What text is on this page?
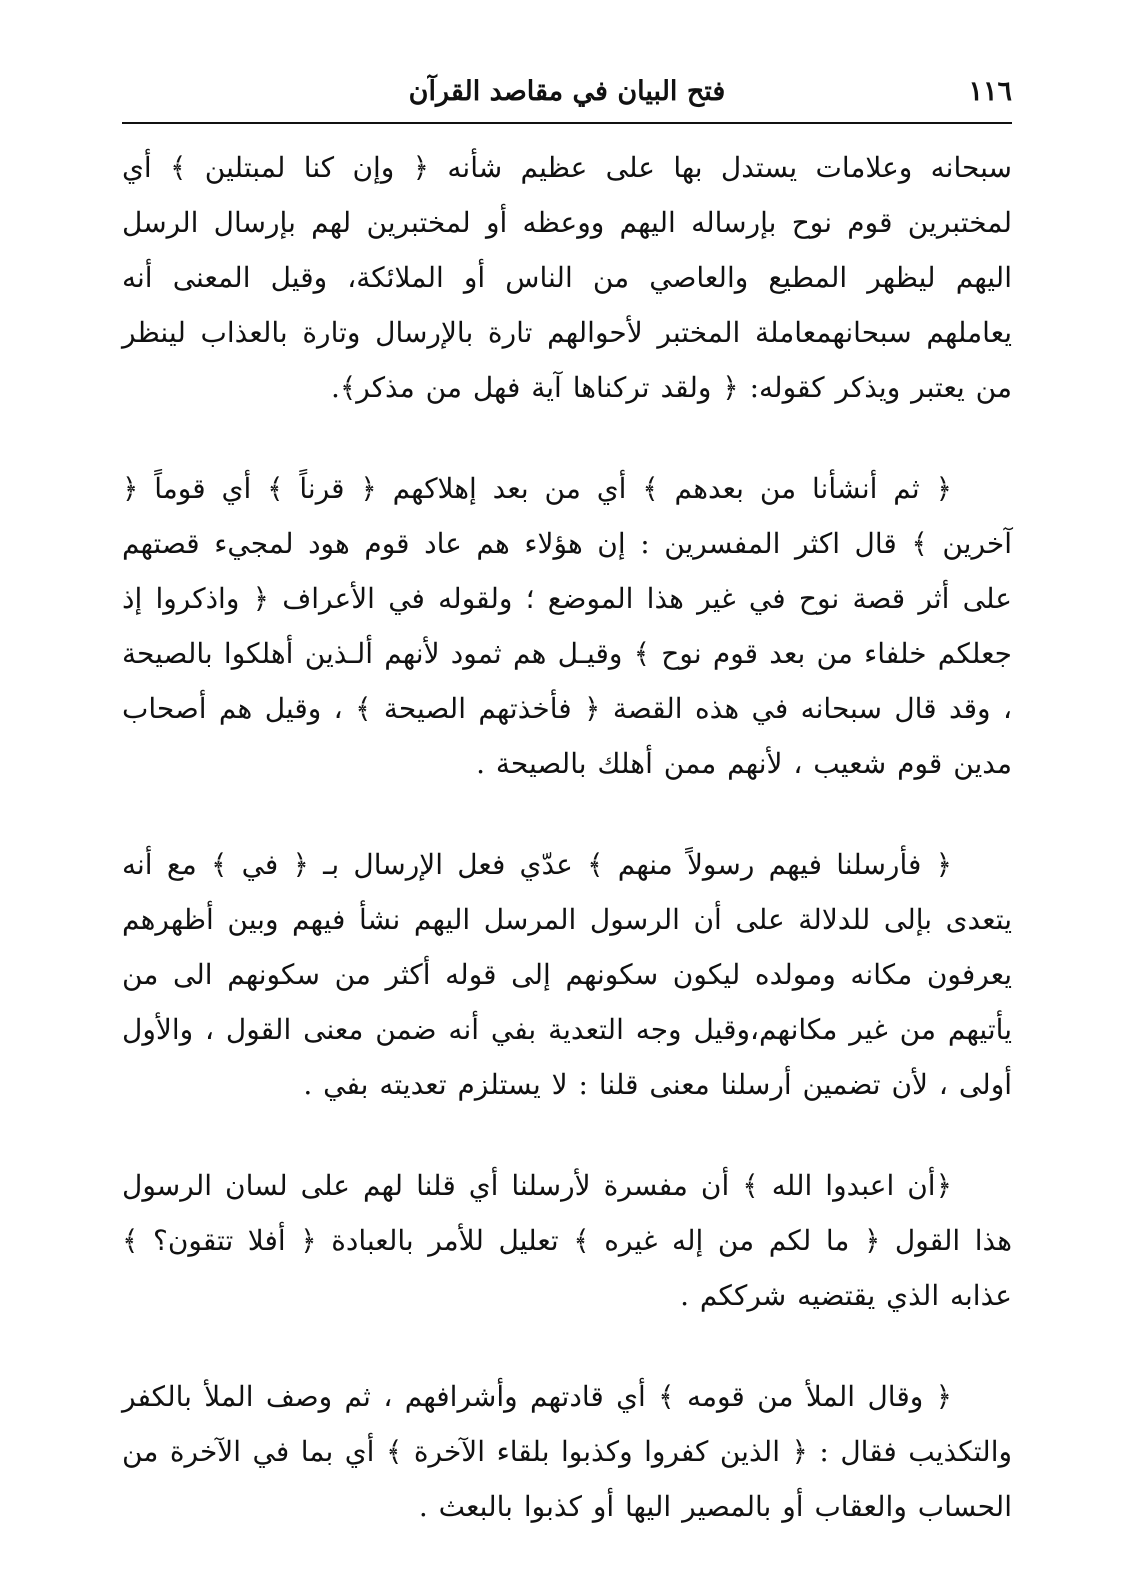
١١٦
فتح البيان في مقاصد القرآن

سبحانه وعلامات يستدل بها على عظيم شأنه ﴿ وإن كنا لمبتلين ﴾ أي لمختبرين قوم نوح بإرساله اليهم ووعظه أو لمختبرين لهم بإرسال الرسل اليهم ليظهر المطيع والعاصي من الناس أو الملائكة، وقيل المعنى أنه يعاملهم سبحانهمعاملة المختبر لأحوالهم تارة بالإرسال وتارة بالعذاب لينظر من يعتبر ويذكر كقوله: ﴿ ولقد تركناها آية فهل من مذكر﴾.

﴿ ثم أنشأنا من بعدهم ﴾ أي من بعد إهلاكهم ﴿ قرناً ﴾ أي قوماً ﴿ آخرين ﴾ قال اكثر المفسرين : إن هؤلاء هم عاد قوم هود لمجيء قصتهم على أثر قصة نوح في غير هذا الموضع ؛ ولقوله في الأعراف ﴿ واذكروا إذ جعلكم خلفاء من بعد قوم نوح ﴾ وقيـل هم ثمود لأنهم ألـذين أهلكوا بالصيحة ، وقد قال سبحانه في هذه القصة ﴿ فأخذتهم الصيحة ﴾ ، وقيل هم أصحاب مدين قوم شعيب ، لأنهم ممن أهلك بالصيحة .

﴿ فأرسلنا فيهم رسولاً منهم ﴾ عدّي فعل الإرسال بـ ﴿ في ﴾ مع أنه يتعدى بإلى للدلالة على أن الرسول المرسل اليهم نشأ فيهم وبين أظهرهم يعرفون مكانه ومولده ليكون سكونهم إلى قوله أكثر من سكونهم الى من يأتيهم من غير مكانهم،وقيل وجه التعدية بفي أنه ضمن معنى القول ، والأول أولى ، لأن تضمين أرسلنا معنى قلنا : لا يستلزم تعديته بفي .

﴿أن اعبدوا الله ﴾ أن مفسرة لأرسلنا أي قلنا لهم على لسان الرسول هذا القول ﴿ ما لكم من إله غيره ﴾ تعليل للأمر بالعبادة ﴿ أفلا تتقون؟ ﴾ عذابه الذي يقتضيه شرككم .

﴿ وقال الملأ من قومه ﴾ أي قادتهم وأشرافهم ، ثم وصف الملأ بالكفر والتكذيب فقال : ﴿ الذين كفروا وكذبوا بلقاء الآخرة ﴾ أي بما في الآخرة من الحساب والعقاب أو بالمصير اليها أو كذبوا بالبعث .
